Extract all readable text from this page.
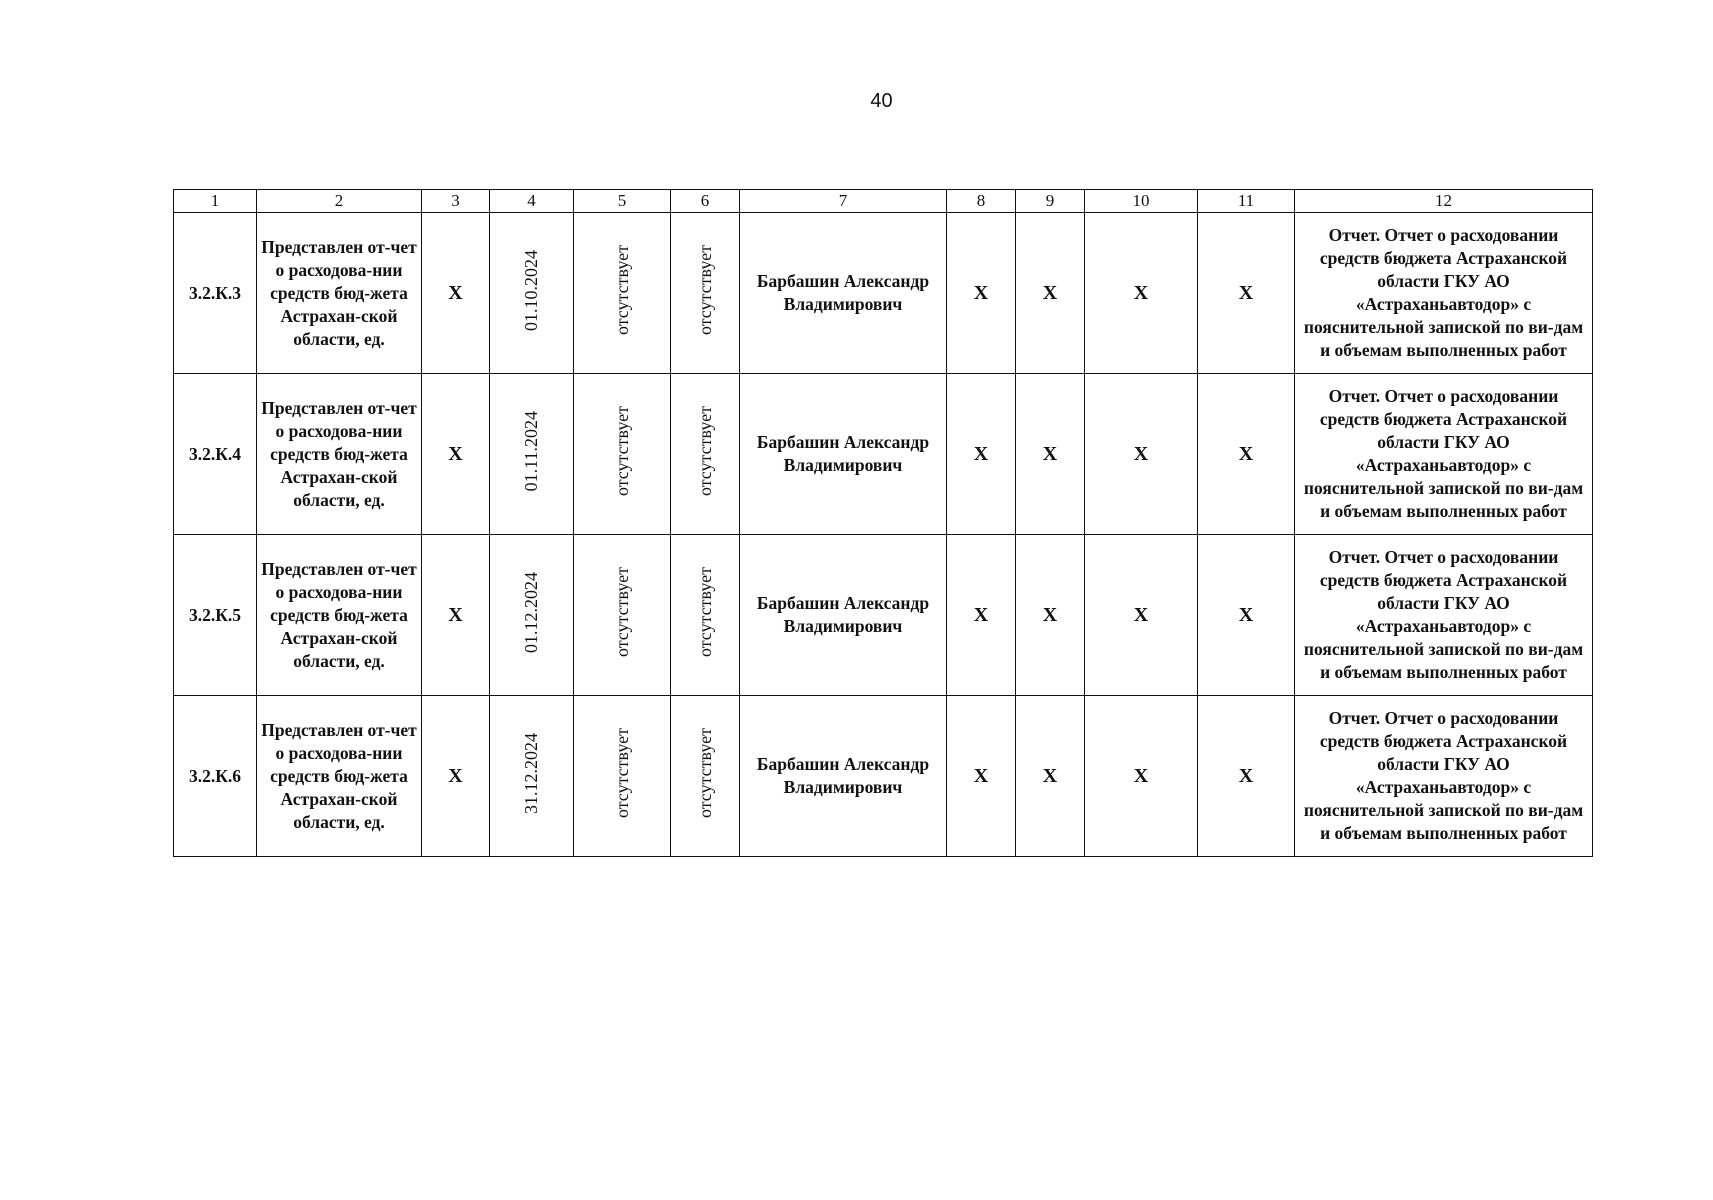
40
1	2	3	4	5	6	7	8	9	10	11	12
3.2.К.3	Представлен от-чет о расходова-нии средств бюд-жета Астрахан-ской области, ед.	X	01.10.2024	отсутствует	отсутствует	Барбашин Александр Владимирович	X	X	X	X	Отчет. Отчет о расходовании средств бюджета Астраханской области ГКУ АО «Астраханьавтодор» с пояснительной запиской по ви-дам и объемам выполненных работ
3.2.К.4	Представлен от-чет о расходова-нии средств бюд-жета Астрахан-ской области, ед.	X	01.11.2024	отсутствует	отсутствует	Барбашин Александр Владимирович	X	X	X	X	Отчет. Отчет о расходовании средств бюджета Астраханской области ГКУ АО «Астраханьавтодор» с пояснительной запиской по ви-дам и объемам выполненных работ
3.2.К.5	Представлен от-чет о расходова-нии средств бюд-жета Астрахан-ской области, ед.	X	01.12.2024	отсутствует	отсутствует	Барбашин Александр Владимирович	X	X	X	X	Отчет. Отчет о расходовании средств бюджета Астраханской области ГКУ АО «Астраханьавтодор» с пояснительной запиской по ви-дам и объемам выполненных работ
3.2.К.6	Представлен от-чет о расходова-нии средств бюд-жета Астрахан-ской области, ед.	X	31.12.2024	отсутствует	отсутствует	Барбашин Александр Владимирович	X	X	X	X	Отчет. Отчет о расходовании средств бюджета Астраханской области ГКУ АО «Астраханьавтодор» с пояснительной запиской по ви-дам и объемам выполненных работ
